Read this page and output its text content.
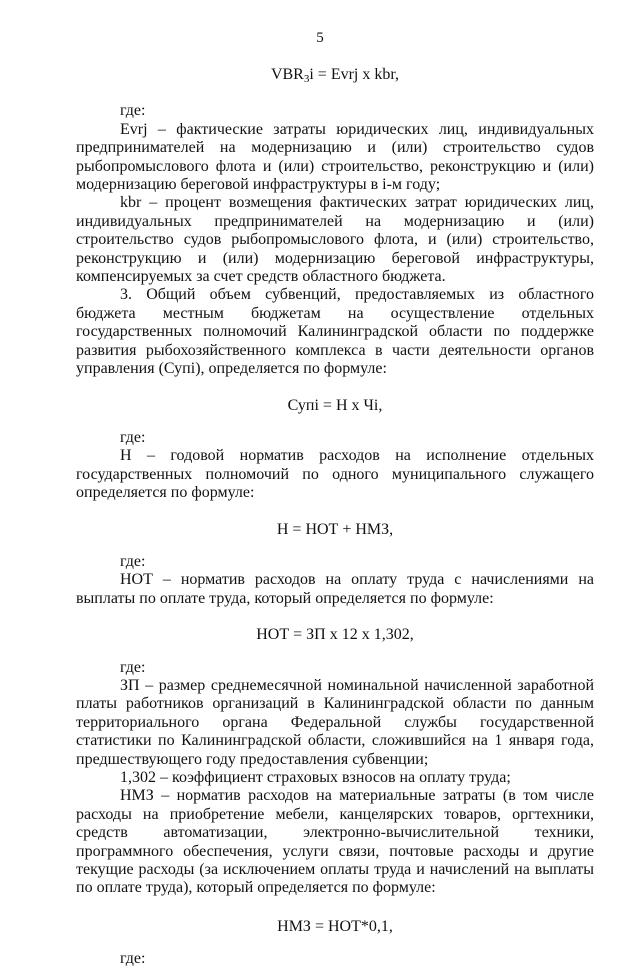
5

$VBR_3i$ = Evrj x kbr,

где:

Evrj – фактические затраты юридических лиц, индивидуальных предпринимателей на модернизацию и (или) строительство судов рыбопромыслового флота и (или) строительство, реконструкцию и (или) модернизацию береговой инфраструктуры в i-м году;

kbr – процент возмещения фактических затрат юридических лиц, индивидуальных предпринимателей на модернизацию и (или) строительство судов рыбопромыслового флота, и (или) строительство, реконструкцию и (или) модернизацию береговой инфраструктуры, компенсируемых за счет средств областного бюджета.

3. Общий объем субвенций, предоставляемых из областного бюджета местным бюджетам на осуществление отдельных государственных полномочий Калининградской области по поддержке развития рыбохозяйственного комплекса в части деятельности органов управления (Супi), определяется по формуле:

Супi = Н x Чi,

где:

Н – годовой норматив расходов на исполнение отдельных государственных полномочий по одного муниципального служащего определяется по формуле:

Н = НОТ + НМЗ,

где:

НОТ – норматив расходов на оплату труда с начислениями на выплаты по оплате труда, который определяется по формуле:

НОТ = ЗП x 12 x 1,302,

где:

ЗП – размер среднемесячной номинальной начисленной заработной платы работников организаций в Калининградской области по данным территориального органа Федеральной службы государственной статистики по Калининградской области, сложившийся на 1 января года, предшествующего году предоставления субвенции;

1,302 – коэффициент страховых взносов на оплату труда;

НМЗ – норматив расходов на материальные затраты (в том числе расходы на приобретение мебели, канцелярских товаров, оргтехники, средств автоматизации, электронно-вычислительной техники, программного обеспечения, услуги связи, почтовые расходы и другие текущие расходы (за исключением оплаты труда и начислений на выплаты по оплате труда), который определяется по формуле:

НМЗ = НОТ*0,1,

где:
